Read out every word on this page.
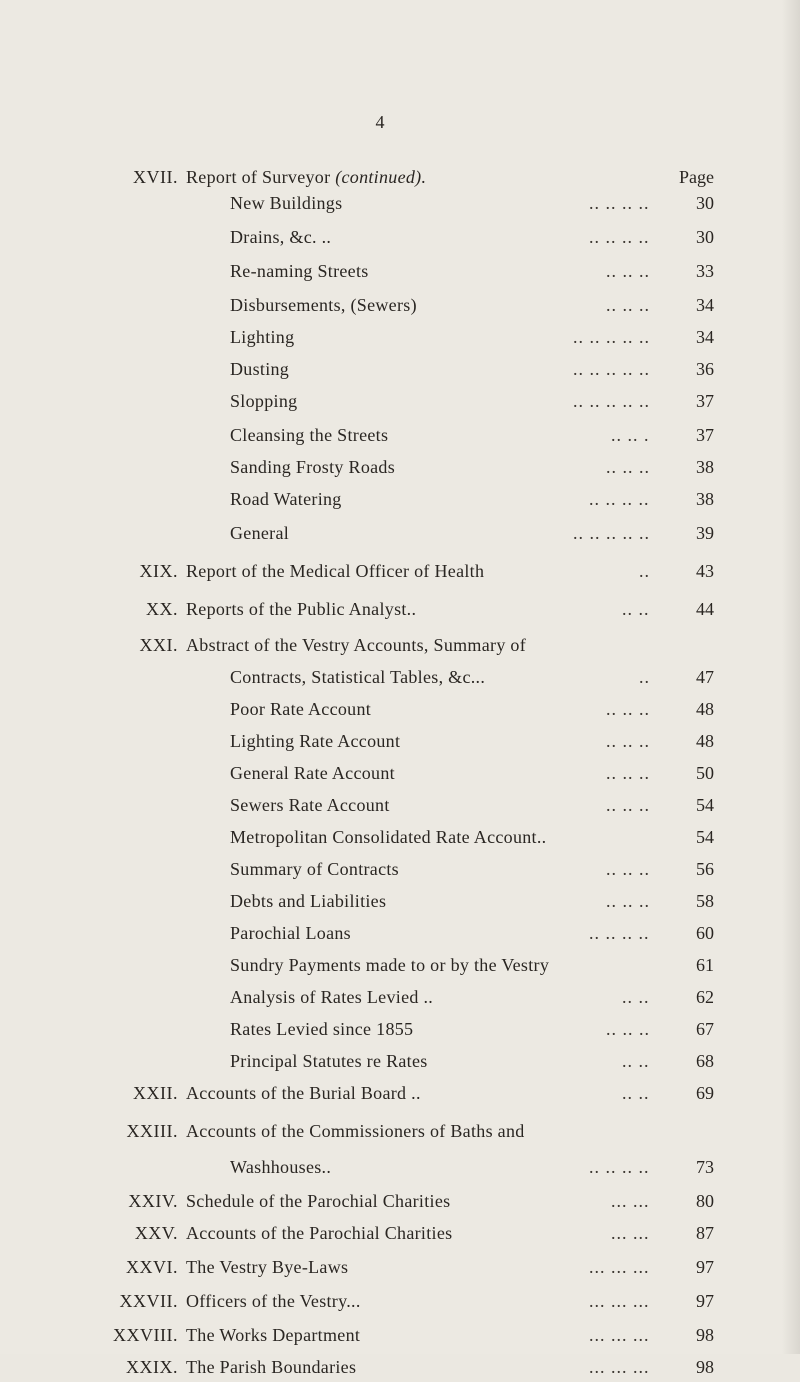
4
XVII. Report of Surveyor (continued).	Page
New Buildings	.. .. .. ..	30
Drains, &c. ..	.. .. .. ..	30
Re-naming Streets	.. .. ..	33
Disbursements, (Sewers)	.. .. ..	34
Lighting	.. .. .. .. ..	34
Dusting	.. .. .. .. ..	36
Slopping	.. .. .. .. ..	37
Cleansing the Streets	.. .. .	37
Sanding Frosty Roads	.. .. ..	38
Road Watering	.. .. .. ..	38
General	.. .. .. .. ..	39
XIX. Report of the Medical Officer of Health	..	43
XX. Reports of the Public Analyst..	.. ..	44
XXI. Abstract of the Vestry Accounts, Summary of
Contracts, Statistical Tables, &c...	..	47
Poor Rate Account	.. .. ..	48
Lighting Rate Account	.. .. ..	48
General Rate Account	.. .. ..	50
Sewers Rate Account	.. .. ..	54
Metropolitan Consolidated Rate Account..	54
Summary of Contracts	.. .. ..	56
Debts and Liabilities	.. .. ..	58
Parochial Loans	.. .. .. ..	60
Sundry Payments made to or by the Vestry	61
Analysis of Rates Levied ..	.. ..	62
Rates Levied since 1855	.. .. ..	67
Principal Statutes re Rates	.. ..	68
XXII. Accounts of the Burial Board ..	.. ..	69
XXIII. Accounts of the Commissioners of Baths and
Washhouses..	.. .. .. ..	73
XXIV. Schedule of the Parochial Charities	... ...	80
XXV. Accounts of the Parochial Charities	... ...	87
XXVI. The Vestry Bye-Laws	... ... ...	97
XXVII. Officers of the Vestry...	... ... ...	97
XXVIII. The Works Department	... ... ...	98
XXIX. The Parish Boundaries	... ... ...	98
